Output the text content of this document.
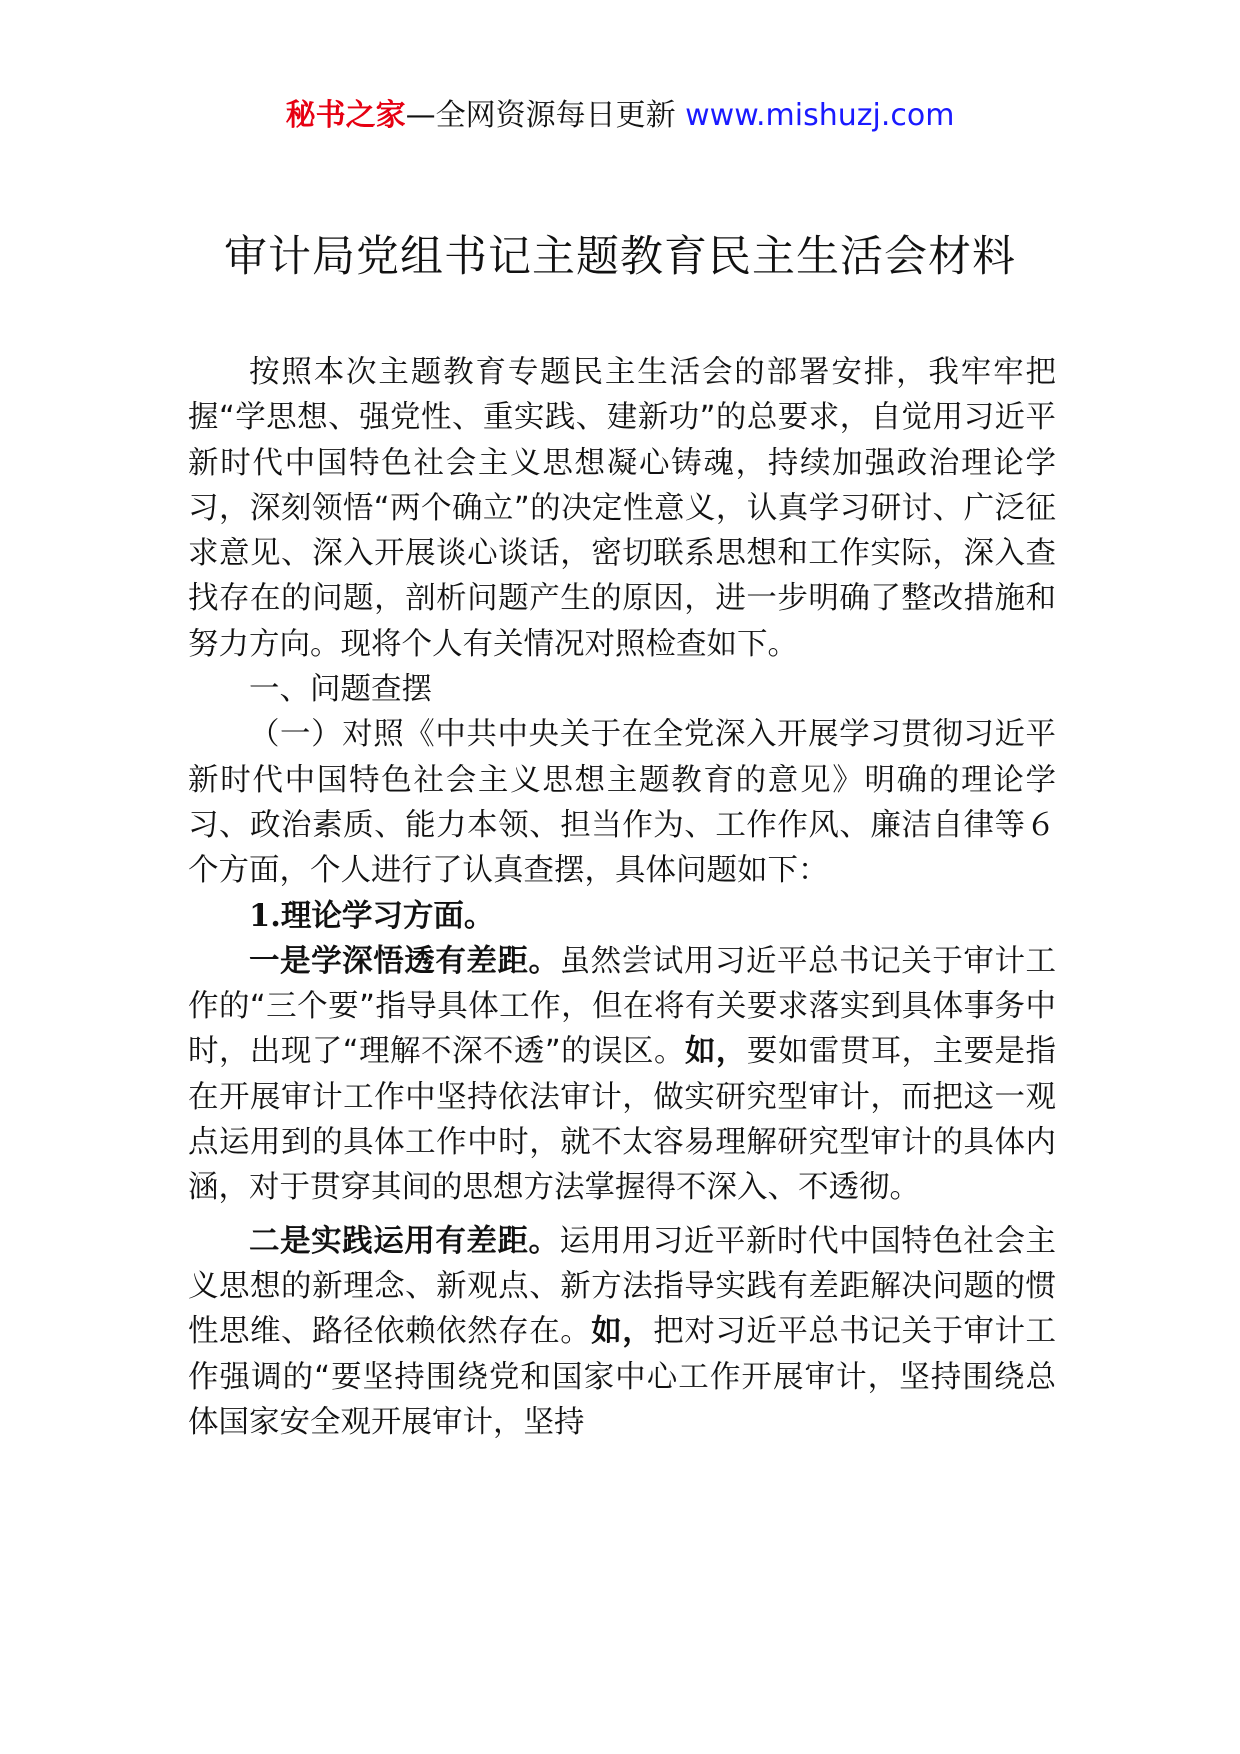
秘书之家—全网资源每日更新 www.mishuzj.com
审计局党组书记主题教育民主生活会材料

按照本次主题教育专题民主生活会的部署安排，我牢牢把握“学思想、强党性、重实践、建新功”的总要求，自觉用习近平新时代中国特色社会主义思想凝心铸魂，持续加强政治理论学习，深刻领悟“两个确立”的决定性意义，认真学习研讨、广泛征求意见、深入开展谈心谈话，密切联系思想和工作实际，深入查找存在的问题，剖析问题产生的原因，进一步明确了整改措施和努力方向。现将个人有关情况对照检查如下。

一、问题查摆

（一）对照《中共中央关于在全党深入开展学习贯彻习近平新时代中国特色社会主义思想主题教育的意见》明确的理论学习、政治素质、能力本领、担当作为、工作作风、廉洁自律等６个方面，个人进行了认真查摆，具体问题如下：

1.理论学习方面。

一是学深悟透有差距。虽然尝试用习近平总书记关于审计工作的“三个要”指导具体工作，但在将有关要求落实到具体事务中时，出现了“理解不深不透”的误区。如，要如雷贯耳，主要是指在开展审计工作中坚持依法审计，做实研究型审计，而把这一观点运用到的具体工作中时，就不太容易理解研究型审计的具体内涵，对于贯穿其间的思想方法掌握得不深入、不透彻。

二是实践运用有差距。运用用习近平新时代中国特色社会主义思想的新理念、新观点、新方法指导实践有差距解决问题的惯性思维、路径依赖依然存在。如，把对习近平总书记关于审计工作强调的“要坚持围绕党和国家中心工作开展审计，坚持围绕总体国家安全观开展审计，坚持
